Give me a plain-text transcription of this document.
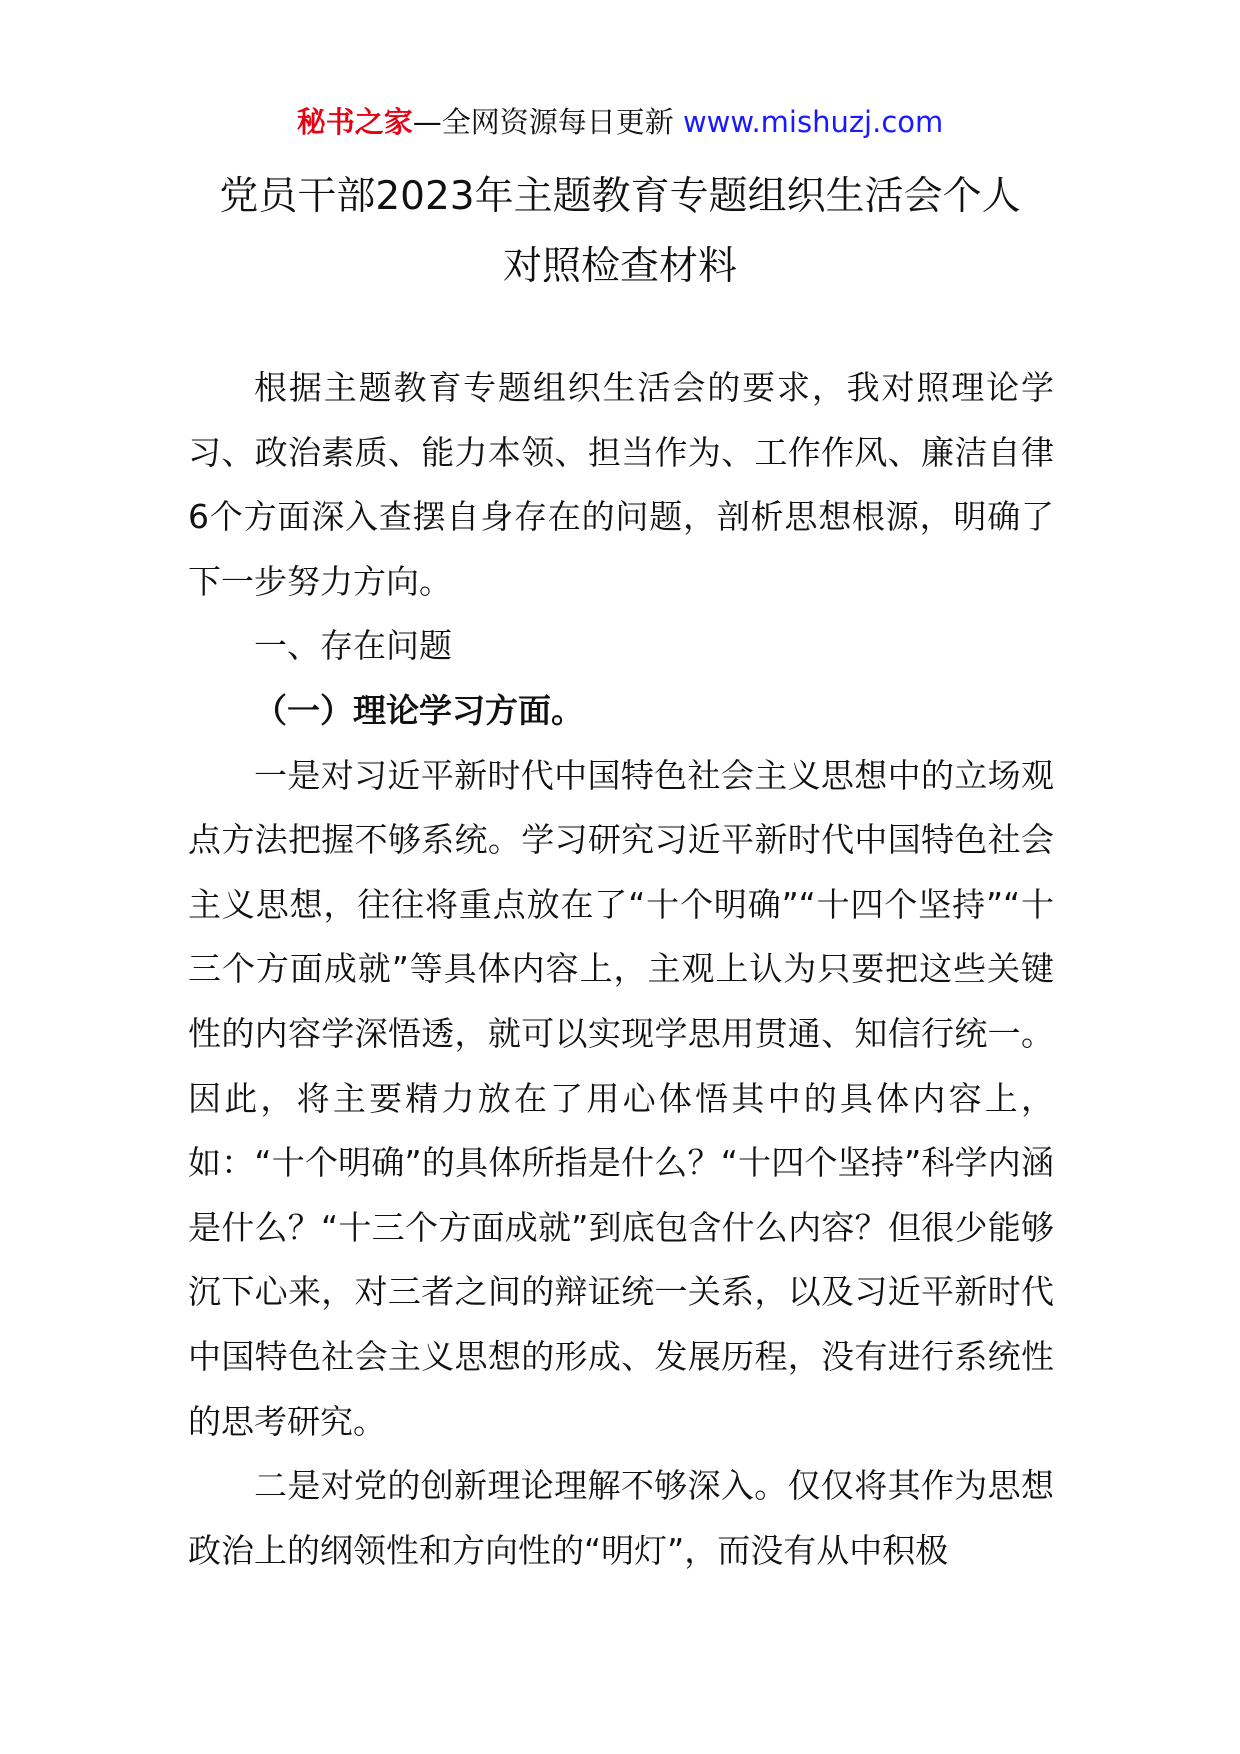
秘书之家—全网资源每日更新 www.mishuzj.com
党员干部2023年主题教育专题组织生活会个人
对照检查材料

根据主题教育专题组织生活会的要求，我对照理论学习、政治素质、能力本领、担当作为、工作作风、廉洁自律6个方面深入查摆自身存在的问题，剖析思想根源，明确了下一步努力方向。

一、存在问题

（一）理论学习方面。

一是对习近平新时代中国特色社会主义思想中的立场观点方法把握不够系统。学习研究习近平新时代中国特色社会主义思想，往往将重点放在了“十个明确”“十四个坚持”“十三个方面成就”等具体内容上，主观上认为只要把这些关键性的内容学深悟透，就可以实现学思用贯通、知信行统一。因此，将主要精力放在了用心体悟其中的具体内容上，如：“十个明确”的具体所指是什么？“十四个坚持”科学内涵是什么？“十三个方面成就”到底包含什么内容？但很少能够沉下心来，对三者之间的辩证统一关系，以及习近平新时代中国特色社会主义思想的形成、发展历程，没有进行系统性的思考研究。

二是对党的创新理论理解不够深入。仅仅将其作为思想政治上的纲领性和方向性的“明灯”，而没有从中积极
